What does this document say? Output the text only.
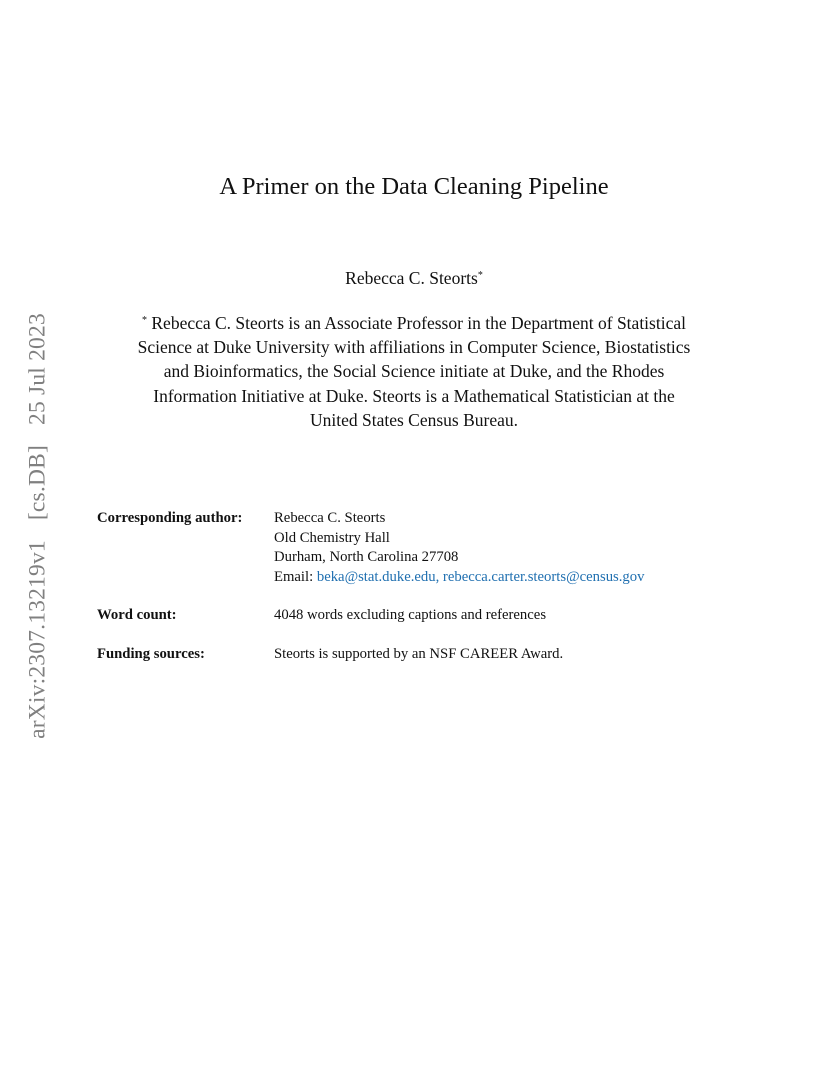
arXiv:2307.13219v1[cs.DB]25 Jul 2023
A Primer on the Data Cleaning Pipeline
Rebecca C. Steorts*
* Rebecca C. Steorts is an Associate Professor in the Department of Statistical
Science at Duke University with affiliations in Computer Science, Biostatistics
and Bioinformatics, the Social Science initiate at Duke, and the Rhodes
Information Initiative at Duke. Steorts is a Mathematical Statistician at the
United States Census Bureau.
Corresponding author: Rebecca C. Steorts
Old Chemistry Hall
Durham, North Carolina 27708
Email: beka@stat.duke.edu, rebecca.carter.steorts@census.gov
Word count:	4048 words excluding captions and references
Funding sources:	Steorts is supported by an NSF CAREER Award.
